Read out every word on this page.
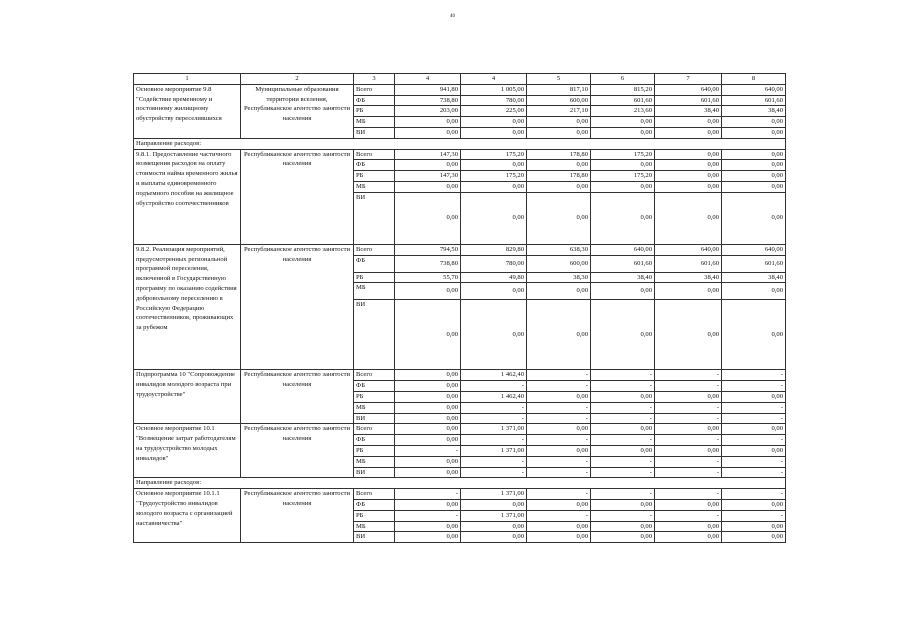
40
1	2	3	4	4	5	6	7	8
Основное мероприятие 9.8 "Содействие временному и постоянному жилищному обустройству переселившихся	Муниципальные образования территории вселения, Республиканское агентство занятости населения	Всего	941,80	1 005,00	817,10	815,20	640,00	640,00
		ФБ	738,80	780,00	600,00	601,60	601,60	601,60
		РБ	203,00	225,00	217,10	213,60	38,40	38,40
		МБ	0,00	0,00	0,00	0,00	0,00	0,00
		ВИ	0,00	0,00	0,00	0,00	0,00	0,00
Направление расходов:								
9.8.1. Предоставление частичного возмещения расходов на оплату стоимости найма временного жилья и выплаты единовременного подъемного пособия на жилищное обустройство соотечественников	Республиканское агентство занятости населения	Всего	147,30	175,20	178,80	175,20	0,00	0,00
		ФБ	0,00	0,00	0,00	0,00	0,00	0,00
		РБ	147,30	175,20	178,80	175,20	0,00	0,00
		МБ	0,00	0,00	0,00	0,00	0,00	0,00
		ВИ	0,00	0,00	0,00	0,00	0,00	0,00
9.8.2. Реализация мероприятий, предусмотренных региональной программой переселения, включенной в Государственную программу по оказанию содействия добровольному переселению в Российскую Федерацию соотечественников, проживающих за рубежом	Республиканское агентство занятости населения	Всего	794,50	829,80	638,30	640,00	640,00	640,00
		ФБ	738,80	780,00	600,00	601,60	601,60	601,60
		РБ	55,70	49,80	38,30	38,40	38,40	38,40
		МБ	0,00	0,00	0,00	0,00	0,00	0,00
		ВИ	0,00	0,00	0,00	0,00	0,00	0,00
Подпрограмма 10 "Сопровождение инвалидов молодого возраста при трудоустройстве"	Республиканское агентство занятости населения	Всего	0,00	1 462,40	-	-	-	-
		ФБ	0,00	-	-	-	-	-
		РБ	0,00	1 462,40	0,00	0,00	0,00	0,00
		МБ	0,00	-	-	-	-	-
		ВИ	0,00	-	-	-	-	-
Основное мероприятие 10.1 "Возмещение затрат работодателям на трудоустройство молодых инвалидов"	Республиканское агентство занятости населения	Всего	0,00	1 371,00	0,00	0,00	0,00	0,00
		ФБ	0,00	-	-	-	-	-
		РБ	-	1 371,00	0,00	0,00	0,00	0,00
		МБ	0,00	-	-	-	-	-
		ВИ	0,00	-	-	-	-	-
Направление расходов:								
Основное мероприятие 10.1.1 "Трудоустройство инвалидов молодого возраста с организацией наставничества"	Республиканское агентство занятости населения	Всего	-	1 371,00	-	-	-	-
		ФБ	0,00	0,00	0,00	0,00	0,00	0,00
		РБ	-	1 371,00	-	-	-	-
		МБ	0,00	0,00	0,00	0,00	0,00	0,00
		ВИ	0,00	0,00	0,00	0,00	0,00	0,00
